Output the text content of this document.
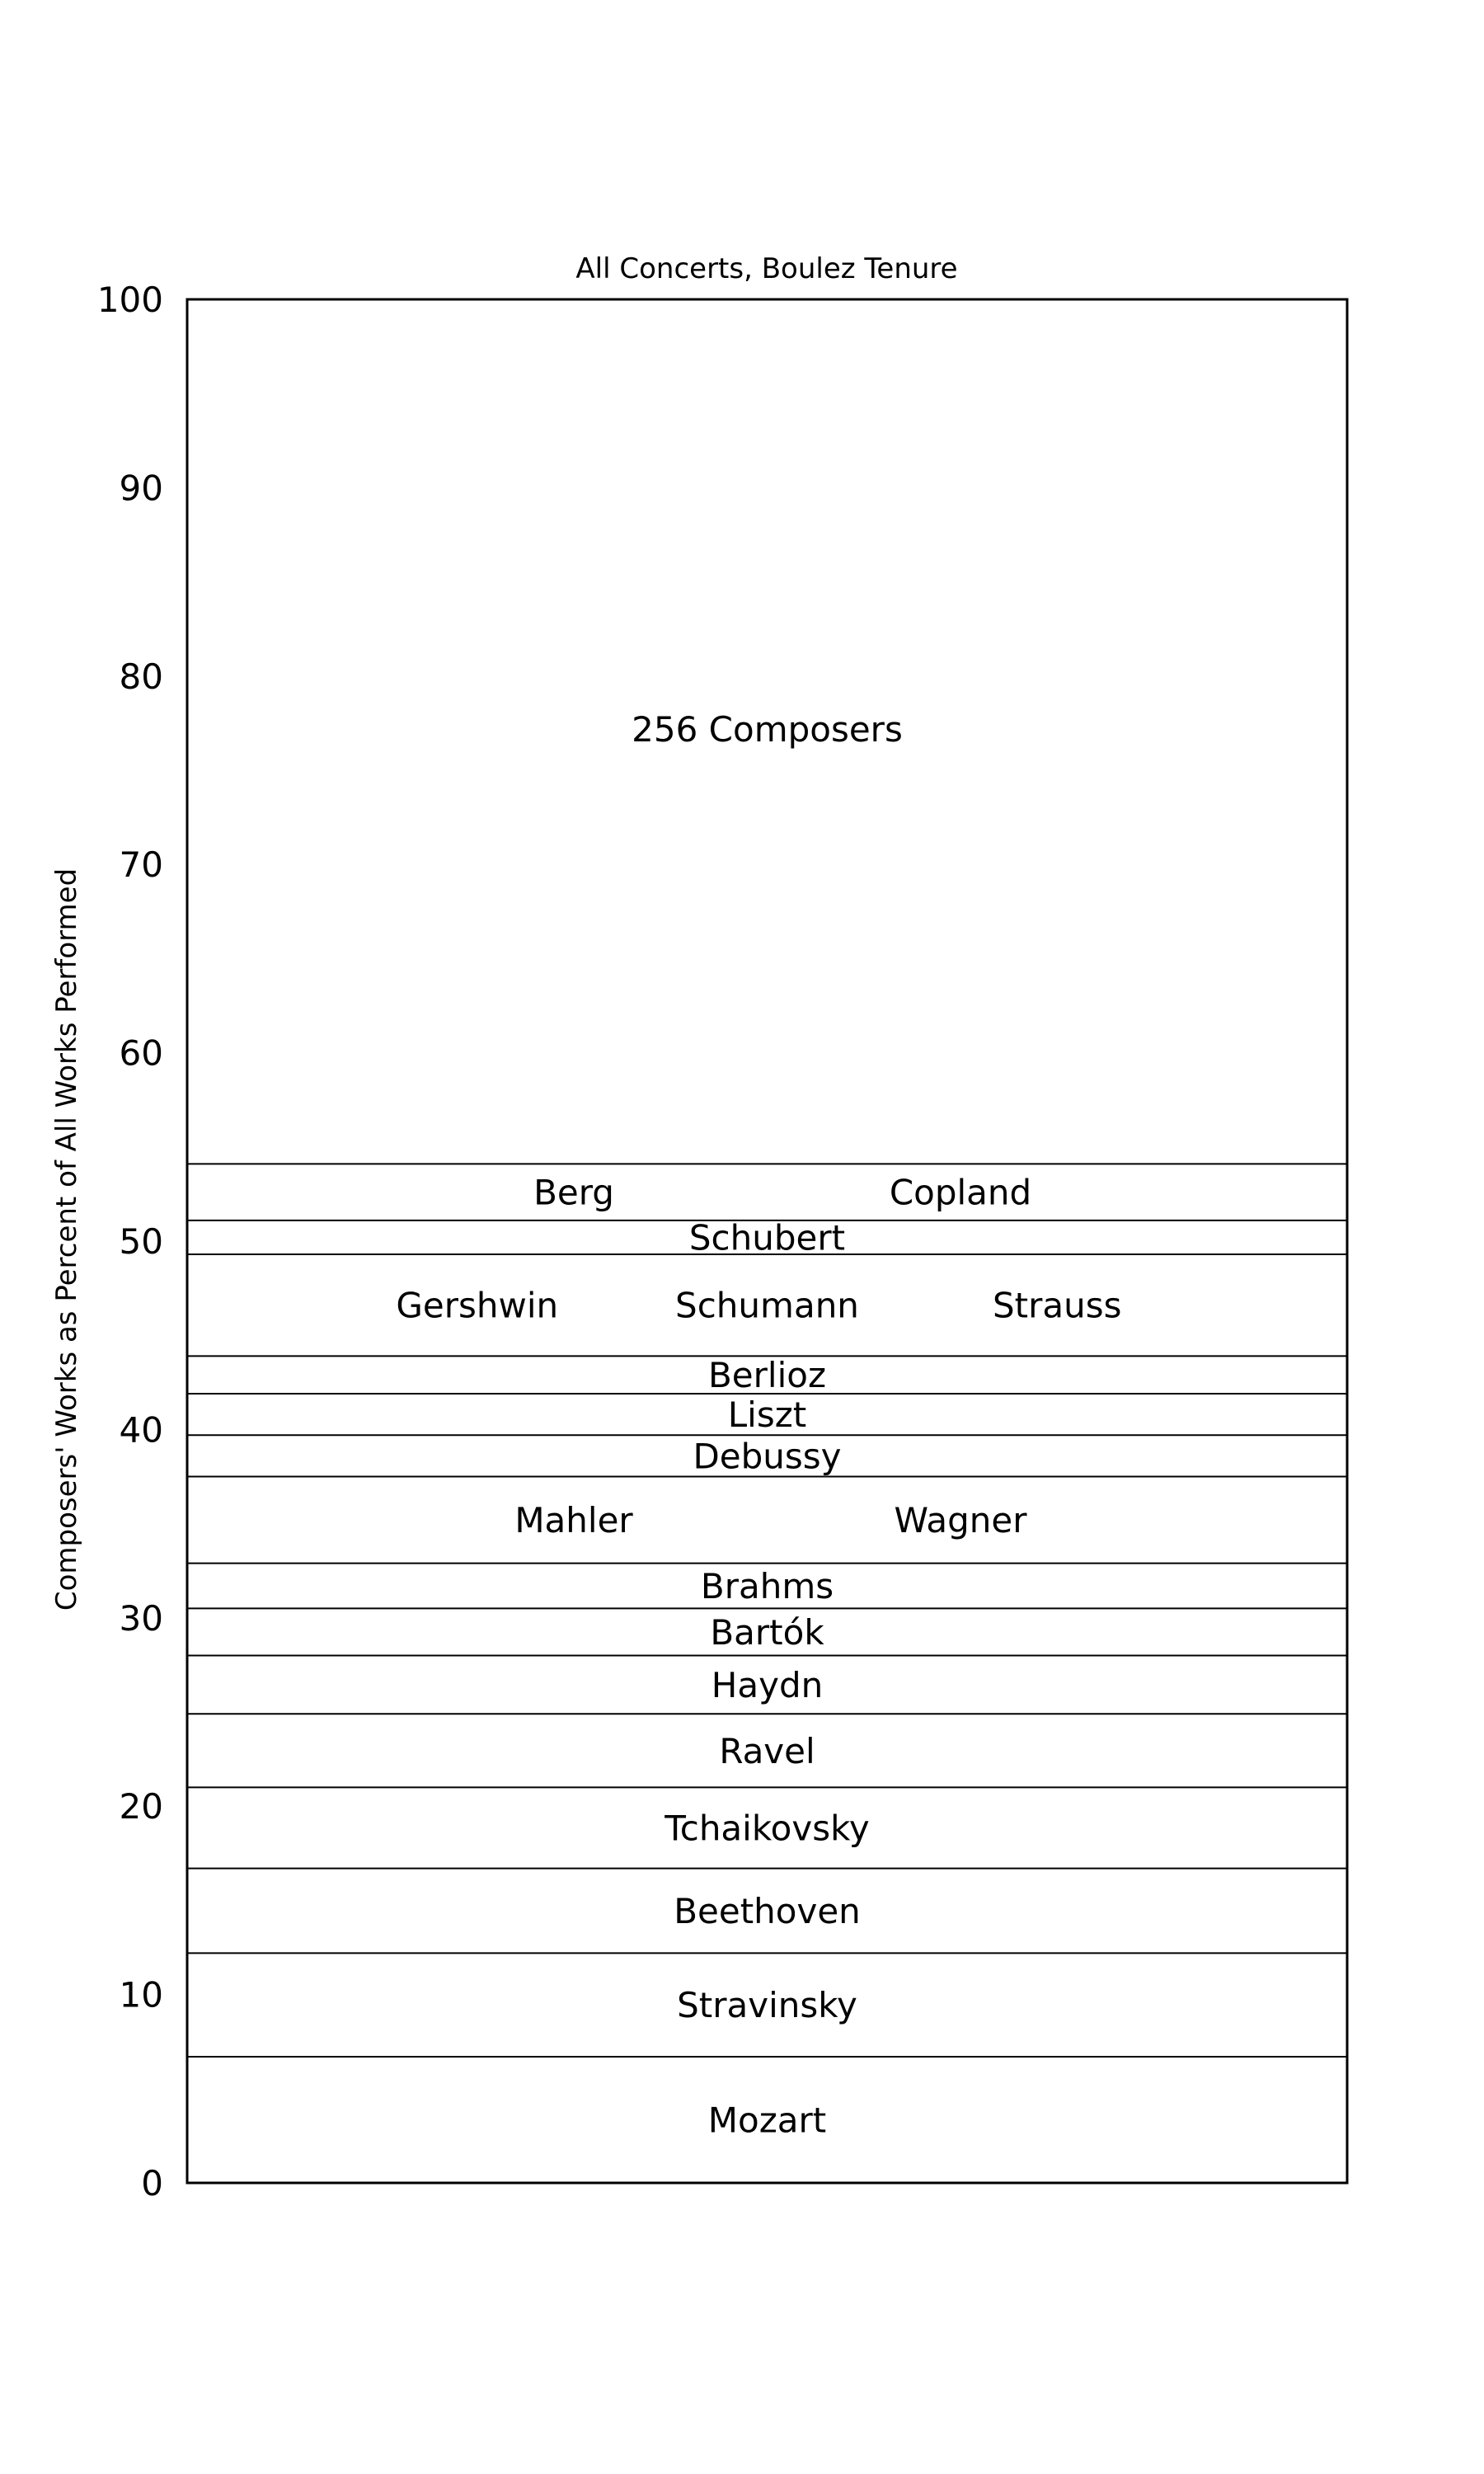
All Concerts, Boulez Tenure
Composers' Works as Percent of All Works Performed
0
10
20
30
40
50
60
70
80
90
100
Mozart
Stravinsky
Beethoven
Tchaikovsky
Ravel
Haydn
Bartók
Brahms
Mahler	Wagner
Debussy
Liszt
Berlioz
Gershwin	Schumann	Strauss
Schubert
Berg	Copland
256 Composers
